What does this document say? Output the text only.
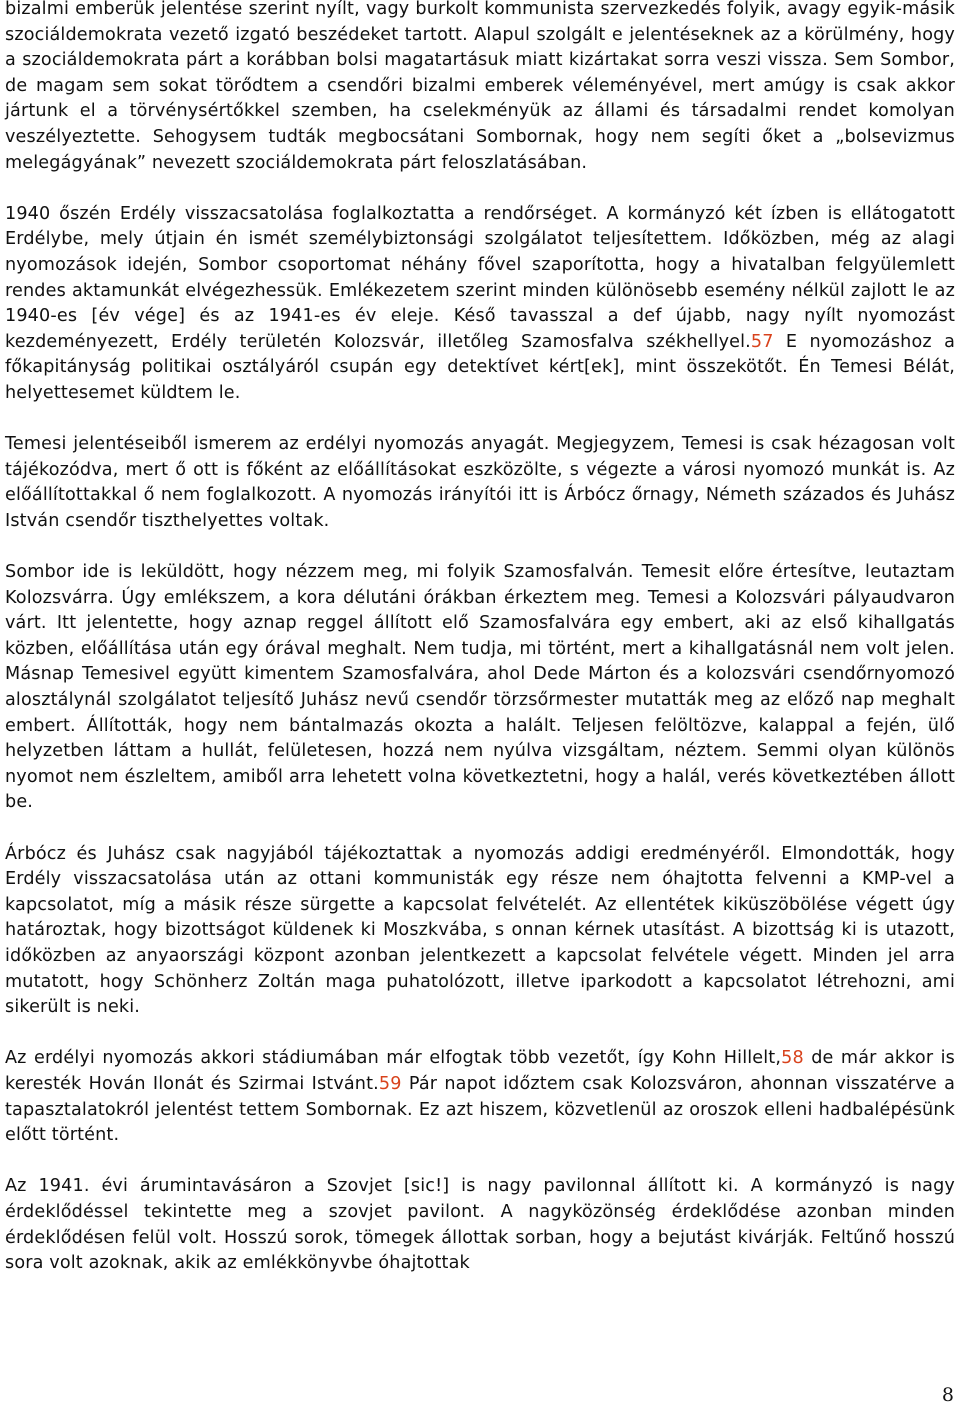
bizalmi emberük jelentése szerint nyílt, vagy burkolt kommunista szervezkedés folyik, avagy egyik-másik szociáldemokrata vezető izgató beszédeket tartott. Alapul szolgált e jelentéseknek az a körülmény, hogy a szociáldemokrata párt a korábban bolsi magatartásuk miatt kizártakat sorra veszi vissza. Sem Sombor, de magam sem sokat törődtem a csendőri bizalmi emberek véleményével, mert amúgy is csak akkor jártunk el a törvénysértőkkel szemben, ha cselekményük az állami és társadalmi rendet komolyan veszélyeztette. Sehogysem tudták megbocsátani Sombornak, hogy nem segíti őket a „bolsevizmus melegágyának” nevezett szociáldemokrata párt feloszlatásában.

1940 őszén Erdély visszacsatolása foglalkoztatta a rendőrséget. A kormányzó két ízben is ellátogatott Erdélybe, mely útjain én ismét személybiztonsági szolgálatot teljesítettem. Időközben, még az alagi nyomozások idején, Sombor csoportomat néhány fővel szaporította, hogy a hivatalban felgyülemlett rendes aktamunkát elvégezhessük. Emlékezetem szerint minden különösebb esemény nélkül zajlott le az 1940-es [év vége] és az 1941-es év eleje. Késő tavasszal a def újabb, nagy nyílt nyomozást kezdeményezett, Erdély területén Kolozsvár, illetőleg Szamosfalva székhellyel.57 E nyomozáshoz a főkapitányság politikai osztályáról csupán egy detektívet kért[ek], mint összekötőt. Én Temesi Bélát, helyettesemet küldtem le.

Temesi jelentéseiből ismerem az erdélyi nyomozás anyagát. Megjegyzem, Temesi is csak hézagosan volt tájékozódva, mert ő ott is főként az előállításokat eszközölte, s végezte a városi nyomozó munkát is. Az előállítottakkal ő nem foglalkozott. A nyomozás irányítói itt is Árbócz őrnagy, Németh százados és Juhász István csendőr tiszthelyettes voltak.

Sombor ide is leküldött, hogy nézzem meg, mi folyik Szamosfalván. Temesit előre értesítve, leutaztam Kolozsvárra. Úgy emlékszem, a kora délutáni órákban érkeztem meg. Temesi a Kolozsvári pályaudvaron várt. Itt jelentette, hogy aznap reggel állított elő Szamosfalvára egy embert, aki az első kihallgatás közben, előállítása után egy órával meghalt. Nem tudja, mi történt, mert a kihallgatásnál nem volt jelen. Másnap Temesivel együtt kimentem Szamosfalvára, ahol Dede Márton és a kolozsvári csendőrnyomozó alosztálynál szolgálatot teljesítő Juhász nevű csendőr törzsőrmester mutatták meg az előző nap meghalt embert. Állították, hogy nem bántalmazás okozta a halált. Teljesen felöltözve, kalappal a fején, ülő helyzetben láttam a hullát, felületesen, hozzá nem nyúlva vizsgáltam, néztem. Semmi olyan különös nyomot nem észleltem, amiből arra lehetett volna következtetni, hogy a halál, verés következtében állott be.

Árbócz és Juhász csak nagyjából tájékoztattak a nyomozás addigi eredményéről. Elmondották, hogy Erdély visszacsatolása után az ottani kommunisták egy része nem óhajtotta felvenni a KMP-vel a kapcsolatot, míg a másik része sürgette a kapcsolat felvételét. Az ellentétek kiküszöbölése végett úgy határoztak, hogy bizottságot küldenek ki Moszkvába, s onnan kérnek utasítást. A bizottság ki is utazott, időközben az anyaországi központ azonban jelentkezett a kapcsolat felvétele végett. Minden jel arra mutatott, hogy Schönherz Zoltán maga puhatolózott, illetve iparkodott a kapcsolatot létrehozni, ami sikerült is neki.

Az erdélyi nyomozás akkori stádiumában már elfogtak több vezetőt, így Kohn Hillelt,58 de már akkor is keresték Hován Ilonát és Szirmai Istvánt.59 Pár napot időztem csak Kolozsváron, ahonnan visszatérve a tapasztalatokról jelentést tettem Sombornak. Ez azt hiszem, közvetlenül az oroszok elleni hadbalépésünk előtt történt.

Az 1941. évi árumintavásáron a Szovjet [sic!] is nagy pavilonnal állított ki. A kormányzó is nagy érdeklődéssel tekintette meg a szovjet pavilont. A nagyközönség érdeklődése azonban minden érdeklődésen felül volt. Hosszú sorok, tömegek állottak sorban, hogy a bejutást kivárják. Feltűnő hosszú sora volt azoknak, akik az emlékkönyvbe óhajtottak

8
